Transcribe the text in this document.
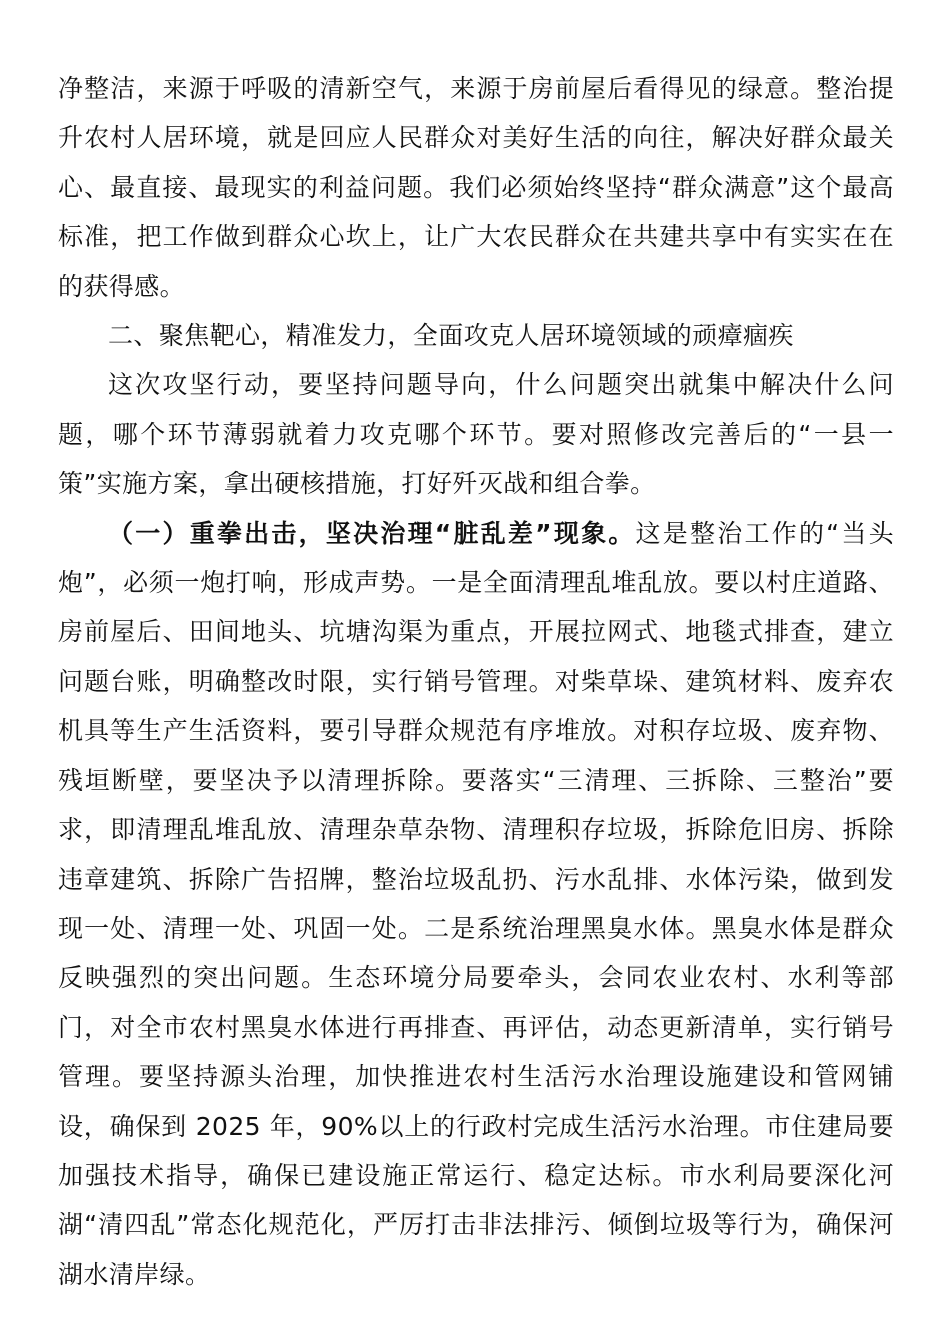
净整洁，来源于呼吸的清新空气，来源于房前屋后看得见的绿意。整治提升农村人居环境，就是回应人民群众对美好生活的向往，解决好群众最关心、最直接、最现实的利益问题。我们必须始终坚持“群众满意”这个最高标准，把工作做到群众心坎上，让广大农民群众在共建共享中有实实在在的获得感。

二、聚焦靶心，精准发力，全面攻克人居环境领域的顽瘴痼疾

这次攻坚行动，要坚持问题导向，什么问题突出就集中解决什么问题，哪个环节薄弱就着力攻克哪个环节。要对照修改完善后的“一县一策”实施方案，拿出硬核措施，打好歼灭战和组合拳。

（一）重拳出击，坚决治理“脏乱差”现象。这是整治工作的“当头炮”，必须一炮打响，形成声势。一是全面清理乱堆乱放。要以村庄道路、房前屋后、田间地头、坑塘沟渠为重点，开展拉网式、地毯式排查，建立问题台账，明确整改时限，实行销号管理。对柴草垛、建筑材料、废弃农机具等生产生活资料，要引导群众规范有序堆放。对积存垃圾、废弃物、残垣断壁，要坚决予以清理拆除。要落实“三清理、三拆除、三整治”要求，即清理乱堆乱放、清理杂草杂物、清理积存垃圾，拆除危旧房、拆除违章建筑、拆除广告招牌，整治垃圾乱扔、污水乱排、水体污染，做到发现一处、清理一处、巩固一处。二是系统治理黑臭水体。黑臭水体是群众反映强烈的突出问题。生态环境分局要牵头，会同农业农村、水利等部门，对全市农村黑臭水体进行再排查、再评估，动态更新清单，实行销号管理。要坚持源头治理，加快推进农村生活污水治理设施建设和管网铺设，确保到 2025 年，90%以上的行政村完成生活污水治理。市住建局要加强技术指导，确保已建设施正常运行、稳定达标。市水利局要深化河湖“清四乱”常态化规范化，严厉打击非法排污、倾倒垃圾等行为，确保河湖水清岸绿。
